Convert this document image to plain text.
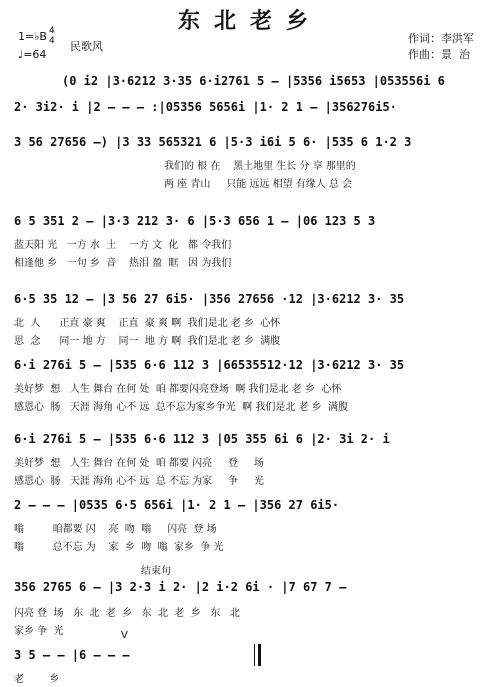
东北老乡
1=♭B 4
4
♩=64
民歌风
作词：李洪军
作曲：景  治
(0 i2 |3·6212 3·35 6·i2761 5 – |5356 i5653 |053556i 6
2· 3i2· i |2 – – – :|05356 5656i |1· 2 1 – |356276i5·
3 56 27656 –) |3 33 565321 6 |5·3 i6i 5 6· |535 6 1·2 3
我们的 根 在    黑土地里 生长 分 享 那里的
两 座 青山     只能 远远 相望 有缘人 总 会
6 5 351 2 – |3·3 212 3· 6 |5·3 656 1 – |06 123 5 3
蓝天阳 光   一方 水  土    一方 文  化   都 令我们
相逢他 乡   一句 乡  音    热泪 盈  眶   因 为我们
6·5 35 12 – |3 56 27 6i5· |356 27656 ·12 |3·6212 3· 35
北  人      正直 豪 爽    正直  豪 爽 啊  我们是北 老 乡  心怀
思  念      同一 地 方    同一  地 方 啊  我们是北 老 乡  满腹
6·i 276i 5 – |535 6·6 112 3 |66535512·12 |3·6212 3· 35
美好梦  想   人生 舞台 在何 处  咱 都要闪亮登场  啊 我们是北 老 乡  心怀
感恩心  肠   天涯 海角 心不 远  总不忘为家乡争光  啊 我们是北 老 乡  满腹
6·i 276i 5 – |535 6·6 112 3 |05 355 6i 6 |2· 3i 2· i
美好梦  想   人生 舞台 在何 处  咱 都要 闪亮     登     场
感恩心  肠   天涯 海角 心不 远  总 不忘 为家     争     光
2 – – – |0535 6·5 656i |1· 2 1 – |356 27 6i5·
嗡         咱都要 闪    亮  吻  嗡     闪亮  登 场
嗡         总不忘 为    家  乡  吻  嗡  家乡  争 光
结束句
356 2765 6 – |3 2·3 i 2· |2 i·2 6i · |7 67 7 –
闪亮 登  场   东  北  老  乡   东  北  老  乡   东   北
家乡 争  光	V
3 5 – – |6 – – –
老        乡
